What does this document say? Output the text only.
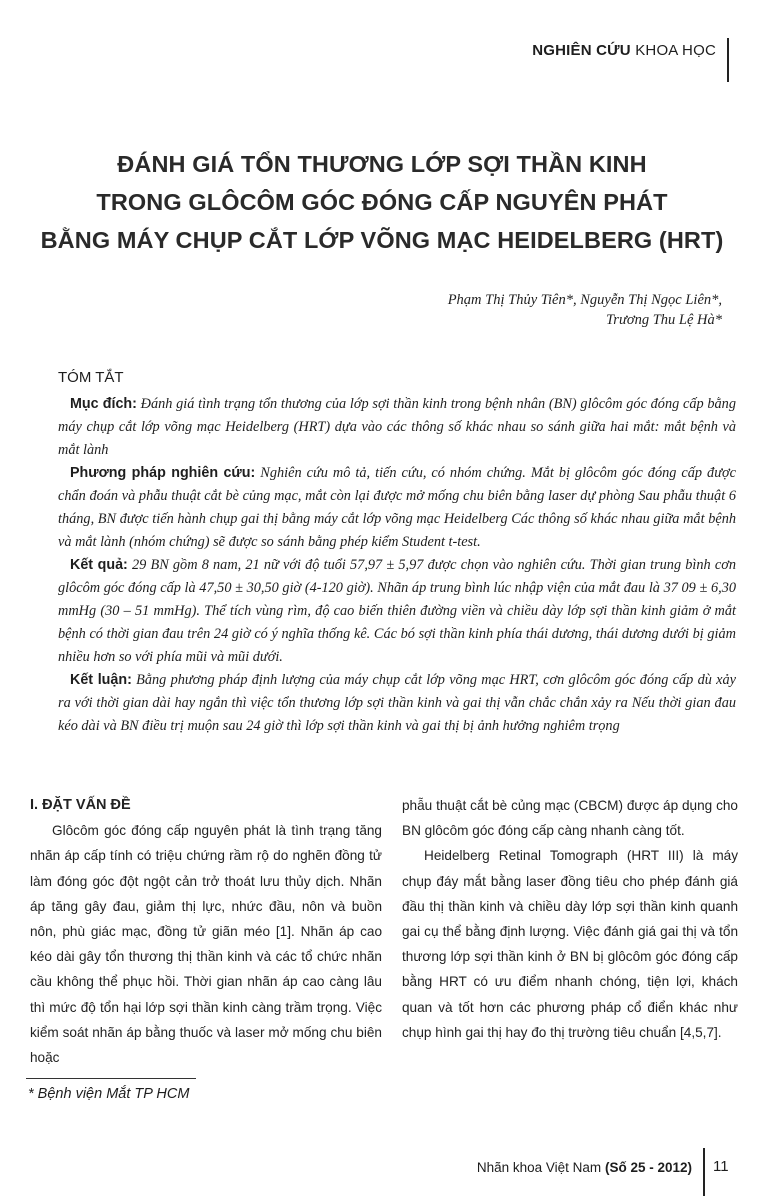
NGHIÊN CỨU KHOA HỌC
ĐÁNH GIÁ TỔN THƯƠNG LỚP SỢI THẦN KINH
TRONG GLÔCÔM GÓC ĐÓNG CẤP NGUYÊN PHÁT
BẰNG MÁY CHỤP CẮT LỚP VÕNG MẠC HEIDELBERG (HRT)
Phạm Thị Thủy Tiên*, Nguyễn Thị Ngọc Liên*,
Trương Thu Lệ Hà*
TÓM TẮT

Mục đích: Đánh giá tình trạng tổn thương của lớp sợi thần kinh trong bệnh nhân (BN) glôcôm góc đóng cấp bằng máy chụp cắt lớp võng mạc Heidelberg (HRT) dựa vào các thông số khác nhau so sánh giữa hai mắt: mắt bệnh và mắt lành

Phương pháp nghiên cứu: Nghiên cứu mô tả, tiến cứu, có nhóm chứng. Mắt bị glôcôm góc đóng cấp được chẩn đoán và phẫu thuật cắt bè củng mạc, mắt còn lại được mở mống chu biên bằng laser dự phòng Sau phẫu thuật 6 tháng, BN được tiến hành chụp gai thị bằng máy cắt lớp võng mạc Heidelberg Các thông số khác nhau giữa mắt bệnh và mắt lành (nhóm chứng) sẽ được so sánh bằng phép kiểm Student t-test.

Kết quả: 29 BN gồm 8 nam, 21 nữ với độ tuổi 57,97 ± 5,97 được chọn vào nghiên cứu. Thời gian trung bình cơn glôcôm góc đóng cấp là 47,50 ± 30,50 giờ (4-120 giờ). Nhãn áp trung bình lúc nhập viện của mắt đau là 37 09 ± 6,30 mmHg (30 – 51 mmHg). Thể tích vùng rìm, độ cao biến thiên đường viền và chiều dày lớp sợi thần kinh giảm ở mắt bệnh có thời gian đau trên 24 giờ có ý nghĩa thống kê. Các bó sợi thần kinh phía thái dương, thái dương dưới bị giảm nhiều hơn so với phía mũi và mũi dưới.

Kết luận: Bằng phương pháp định lượng của máy chụp cắt lớp võng mạc HRT, cơn glôcôm góc đóng cấp dù xảy ra với thời gian dài hay ngắn thì việc tổn thương lớp sợi thần kinh và gai thị vẫn chắc chắn xảy ra Nếu thời gian đau kéo dài và BN điều trị muộn sau 24 giờ thì lớp sợi thần kinh và gai thị bị ảnh hưởng nghiêm trọng

I. ĐẶT VẤN ĐỀ

Glôcôm góc đóng cấp nguyên phát là tình trạng tăng nhãn áp cấp tính có triệu chứng rầm rộ do nghẽn đồng tử làm đóng góc đột ngột cản trở thoát lưu thủy dịch. Nhãn áp tăng gây đau, giảm thị lực, nhức đầu, nôn và buồn nôn, phù giác mạc, đồng tử giãn méo [1]. Nhãn áp cao kéo dài gây tổn thương thị thần kinh và các tổ chức nhãn cầu không thể phục hồi. Thời gian nhãn áp cao càng lâu thì mức độ tổn hại lớp sợi thần kinh càng trầm trọng. Việc kiểm soát nhãn áp bằng thuốc và laser mở mống chu biên hoặc

phẫu thuật cắt bè củng mạc (CBCM) được áp dụng cho BN glôcôm góc đóng cấp càng nhanh càng tốt.

Heidelberg Retinal Tomograph (HRT III) là máy chụp đáy mắt bằng laser đồng tiêu cho phép đánh giá đầu thị thần kinh và chiều dày lớp sợi thần kinh quanh gai cụ thể bằng định lượng. Việc đánh giá gai thị và tổn thương lớp sợi thần kinh ở BN bị glôcôm góc đóng cấp bằng HRT có ưu điểm nhanh chóng, tiện lợi, khách quan và tốt hơn các phương pháp cổ điển khác như chụp hình gai thị hay đo thị trường tiêu chuẩn [4,5,7].

* Bệnh viện Mắt TP HCM
Nhãn khoa Việt Nam (Số 25 - 2012) 11
